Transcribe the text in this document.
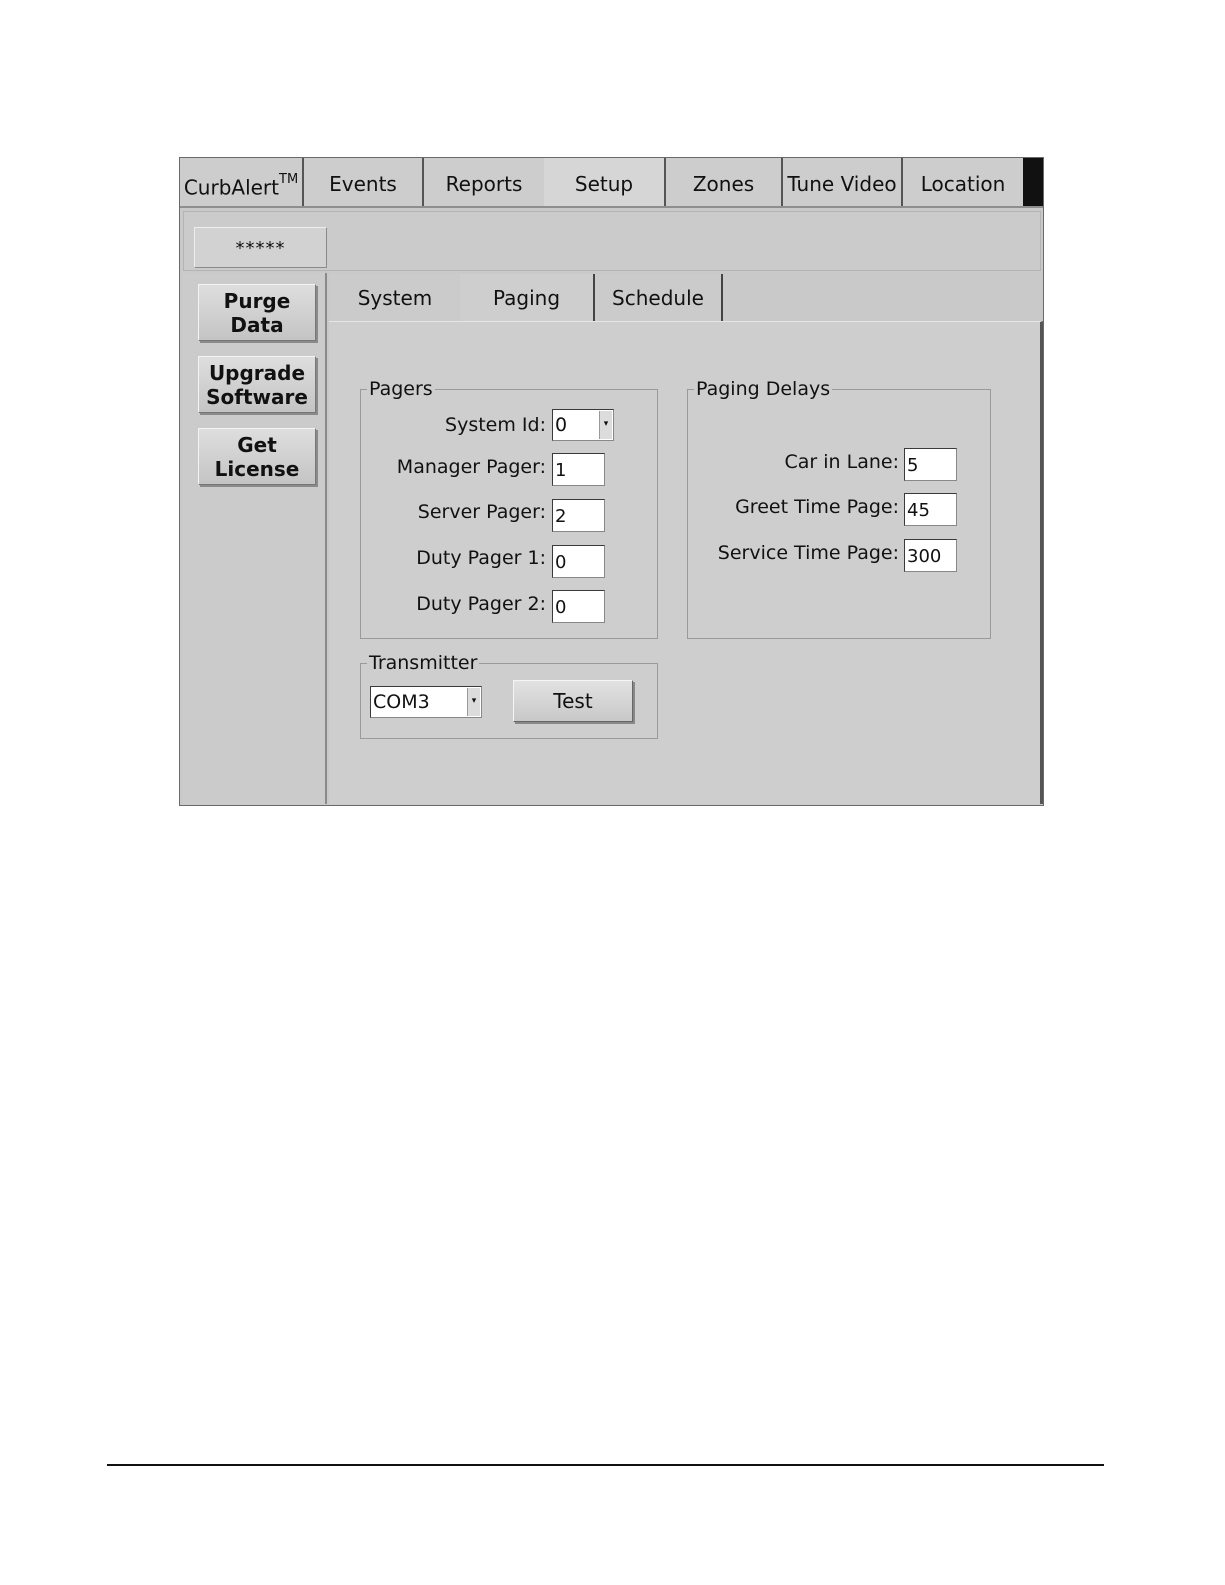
CurbAlert™	Events	Reports	Setup	Zones	Tune Video	Location
*****
Purge
Data
Upgrade
Software
Get
License
System	Paging	Schedule
Pagers
System Id: 0	▾
Manager Pager: 1
Server Pager: 2
Duty Pager 1: 0
Duty Pager 2: 0
Paging Delays
Car in Lane: 5
Greet Time Page: 45
Service Time Page: 300
Transmitter
COM3	▾	Test
